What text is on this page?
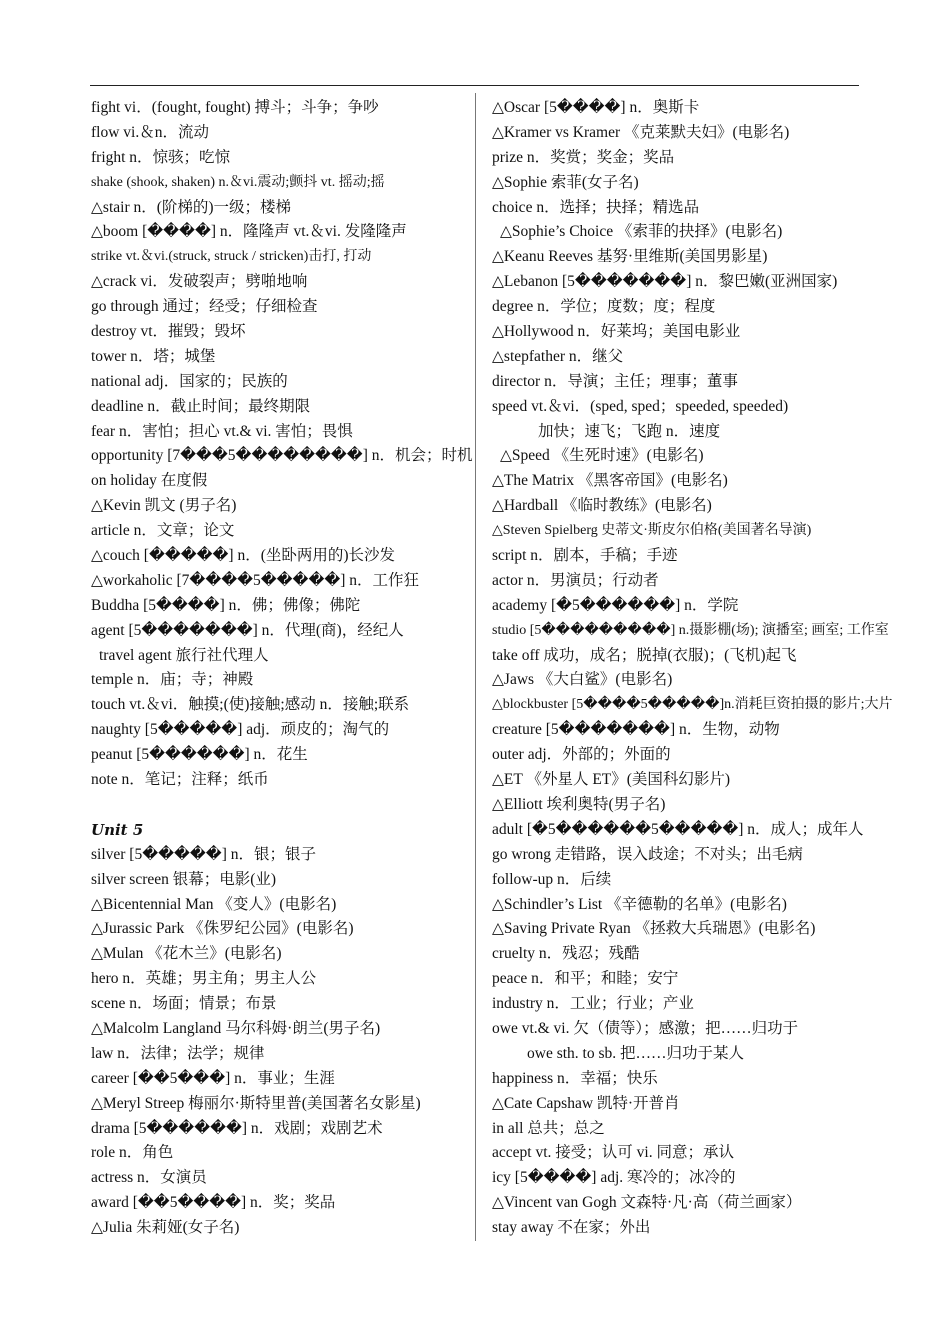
fight vi．(fought, fought) 搏斗；斗争；争吵
flow vi.＆n．流动
fright n．惊骇；吃惊
shake (shook, shaken) n.＆vi.震动;颤抖 vt. 摇动;摇
△stair n．(阶梯的)一级；楼梯
△boom [����] n．隆隆声 vt.＆vi. 发隆隆声
strike vt.＆vi.(struck, struck / stricken)击打, 打动
△crack vi．发破裂声；劈啪地响
go through 通过；经受；仔细检查
destroy vt．摧毁；毁坏
tower n．塔；城堡
national adj．国家的；民族的
deadline n．截止时间；最终期限
fear n．害怕；担心 vt.& vi. 害怕；畏惧
opportunity [7���5��������] n．机会；时机
on holiday 在度假
△Kevin 凯文 (男子名)
article n．文章；论文
△couch [�����] n．(坐卧两用的)长沙发
△workaholic [7����5�����] n．工作狂
Buddha [5����] n．佛；佛像；佛陀
agent [5�������] n．代理(商)，经纪人
travel agent 旅行社代理人
temple n．庙；寺；神殿
touch vt.＆vi．触摸;(使)接触;感动 n．接触;联系
naughty [5�����] adj．顽皮的；淘气的
peanut [5������] n．花生
note n．笔记；注释；纸币
Unit 5
silver [5�����] n．银；银子
silver screen 银幕；电影(业)
△Bicentennial Man 《变人》(电影名)
△Jurassic Park 《侏罗纪公园》(电影名)
△Mulan 《花木兰》(电影名)
hero n．英雄；男主角；男主人公
scene n．场面；情景；布景
△Malcolm Langland 马尔科姆·朗兰(男子名)
law n．法律；法学；规律
career [��5���] n．事业；生涯
△Meryl Streep 梅丽尔·斯特里普(美国著名女影星)
drama [5������] n．戏剧；戏剧艺术
role n．角色
actress n．女演员
award [��5����] n．奖；奖品
△Julia 朱莉娅(女子名)
△Oscar [5����] n．奥斯卡
△Kramer vs Kramer 《克莱默夫妇》(电影名)
prize n．奖赏；奖金；奖品
△Sophie 索菲(女子名)
choice n．选择；抉择；精选品
△Sophie’s Choice 《索菲的抉择》(电影名)
△Keanu Reeves 基努·里维斯(美国男影星)
△Lebanon [5�������] n．黎巴嫩(亚洲国家)
degree n．学位；度数；度；程度
△Hollywood n．好莱坞；美国电影业
△stepfather n．继父
director n．导演；主任；理事；董事
speed vt.＆vi．(sped, sped；speeded, speeded)
加快；速飞；飞跑 n．速度
△Speed 《生死时速》(电影名)
△The Matrix 《黑客帝国》(电影名)
△Hardball 《临时教练》(电影名)
△Steven Spielberg 史蒂文·斯皮尔伯格(美国著名导演)
script n．剧本，手稿；手迹
actor n．男演员；行动者
academy [�5������] n．学院
studio [5���������] n.摄影棚(场); 演播室; 画室; 工作室
take off 成功，成名；脱掉(衣服)；(飞机)起飞
△Jaws 《大白鲨》(电影名)
△blockbuster [5����5�����]n.消耗巨资拍摄的影片;大片
creature [5�������] n．生物，动物
outer adj．外部的；外面的
△ET 《外星人 ET》(美国科幻影片)
△Elliott 埃利奥特(男子名)
adult [�5������5�����] n．成人；成年人
go wrong 走错路，误入歧途；不对头；出毛病
follow-up n．后续
△Schindler’s List 《辛德勒的名单》(电影名)
△Saving Private Ryan 《拯救大兵瑞恩》(电影名)
cruelty n．残忍；残酷
peace n．和平；和睦；安宁
industry n．工业；行业；产业
owe vt.& vi. 欠（债等）；感激；把……归功于
owe sth. to sb. 把……归功于某人
happiness n．幸福；快乐
△Cate Capshaw 凯特·开普肖
in all 总共；总之
accept vt. 接受；认可 vi. 同意；承认
icy [5����] adj. 寒冷的；冰冷的
△Vincent van Gogh 文森特·凡·高（荷兰画家）
stay away 不在家；外出
